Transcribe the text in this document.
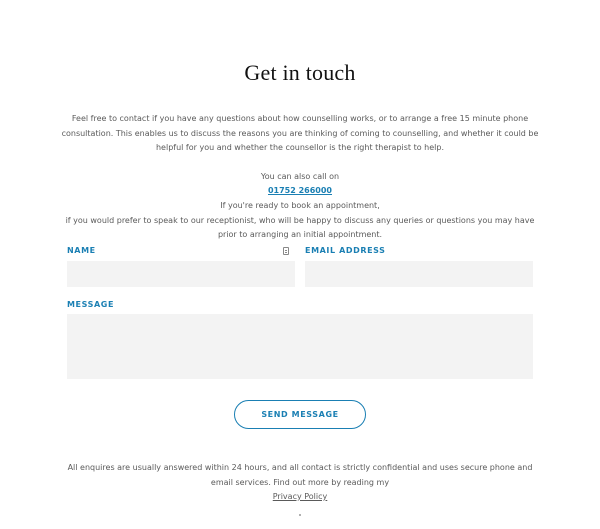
Get in touch
Feel free to contact if you have any questions about how counselling works, or to arrange a free 15 minute phone consultation. This enables us to discuss the reasons you are thinking of coming to counselling, and whether it could be helpful for you and whether the counsellor is the right therapist to help.
You can also call on
01752 266000
If you're ready to book an appointment,
if you would prefer to speak to our receptionist, who will be happy to discuss any queries or questions you may have prior to arranging an initial appointment.
NAME	EMAIL ADDRESS
MESSAGE
SEND MESSAGE
All enquires are usually answered within 24 hours, and all contact is strictly confidential and uses secure phone and email services. Find out more by reading my
Privacy Policy
